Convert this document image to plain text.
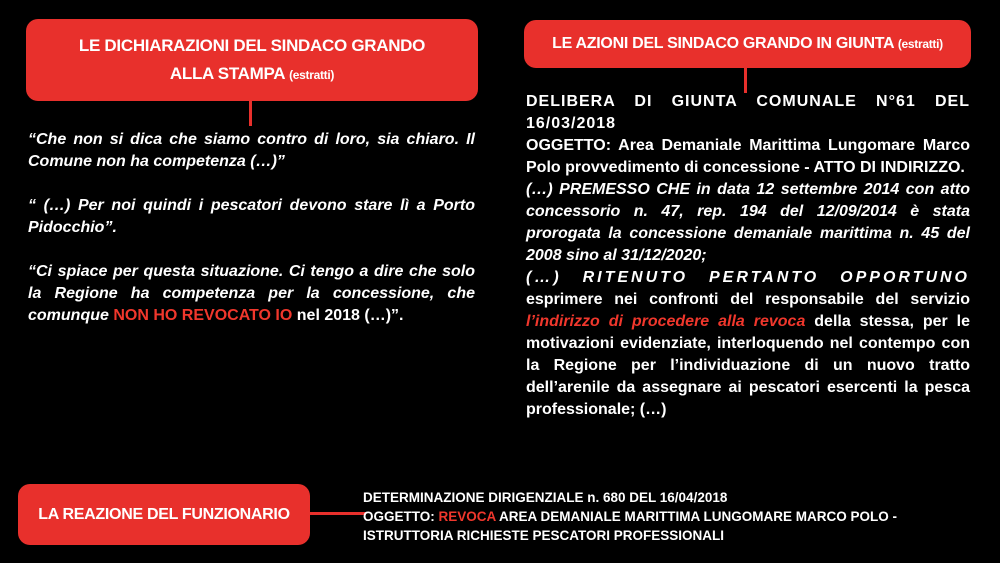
LE DICHIARAZIONI DEL SINDACO GRANDO
ALLA STAMPA (estratti)
LE AZIONI DEL SINDACO GRANDO IN GIUNTA (estratti)

“Che non si dica che siamo contro di loro, sia chiaro. Il Comune non ha competenza (…)”

“ (…) Per noi quindi i pescatori devono stare lì a Porto Pidocchio”.

“Ci spiace per questa situazione. Ci tengo a dire che solo la Regione ha competenza per la concessione, che comunque NON HO REVOCATO IO nel 2018 (…)”.

DELIBERA DI GIUNTA COMUNALE N°61 DEL 16/03/2018

OGGETTO: Area Demaniale Marittima Lungomare Marco Polo provvedimento di concessione - ATTO DI INDIRIZZO.

(…) PREMESSO CHE in data 12 settembre 2014 con atto concessorio n. 47, rep. 194 del 12/09/2014 è stata prorogata la concessione demaniale marittima n. 45 del 2008 sino al 31/12/2020;

(…) RITENUTO PERTANTO OPPORTUNO esprimere nei confronti del responsabile del servizio l’indirizzo di procedere alla revoca della stessa, per le motivazioni evidenziate, interloquendo nel contempo con la Regione per l’individuazione di un nuovo tratto dell’arenile da assegnare ai pescatori esercenti la pesca professionale; (…)

LA REAZIONE DEL FUNZIONARIO
DETERMINAZIONE DIRIGENZIALE n. 680 DEL 16/04/2018
OGGETTO: REVOCA AREA DEMANIALE MARITTIMA LUNGOMARE MARCO POLO -
ISTRUTTORIA RICHIESTE PESCATORI PROFESSIONALI
